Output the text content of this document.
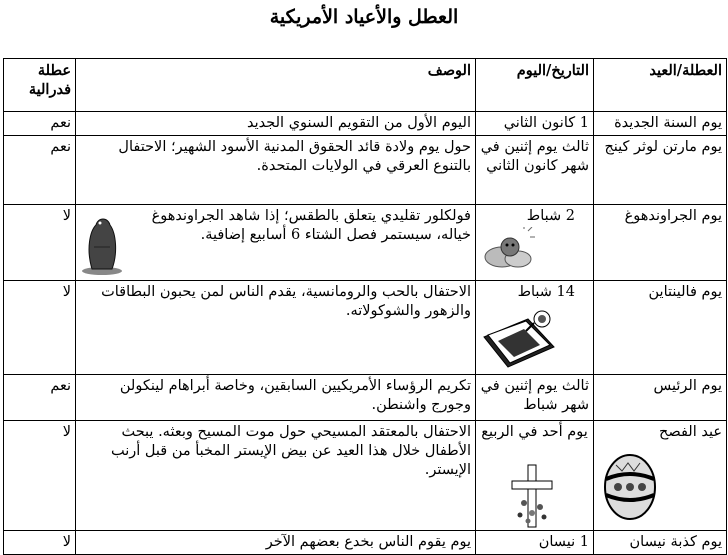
العطل والأعياد الأمريكية
العطلة/العيد	التاريخ/اليوم	الوصف	عطلة فدرالية
يوم السنة الجديدة	1 كانون الثاني	اليوم الأول من التقويم السنوي الجديد	نعم
يوم مارتن لوثر كينج	ثالث يوم إثنين في شهر كانون الثاني	حول يوم ولادة قائد الحقوق المدنية الأسود الشهير؛ الاحتفال بالتنوع العرقي في الولايات المتحدة.	نعم

يوم الجراوندهوغ	2 شباط	فولكلور تقليدي يتعلق بالطقس؛ إذا شاهد الجراوندهوغ خياله، سيستمر فصل الشتاء 6 أسابيع إضافية.	لا
يوم فالينتاين	14 شباط	الاحتفال بالحب والرومانسية، يقدم الناس لمن يحبون البطاقات والزهور والشوكولاته.	لا
يوم الرئيس	ثالث يوم إثنين في شهر شباط	تكريم الرؤساء الأمريكيين السابقين، وخاصة أبراهام لينكولن وجورج واشنطن.	نعم

عيد الفصح	يوم أحد في الربيع	الاحتفال بالمعتقد المسيحي حول موت المسيح وبعثه. يبحث الأطفال خلال هذا العيد عن بيض الإيستر المخبأ من قبل أرنب الإيستر.	لا
يوم كذبة نيسان	1 نيسان	يوم يقوم الناس بخدع بعضهم الآخر	لا
